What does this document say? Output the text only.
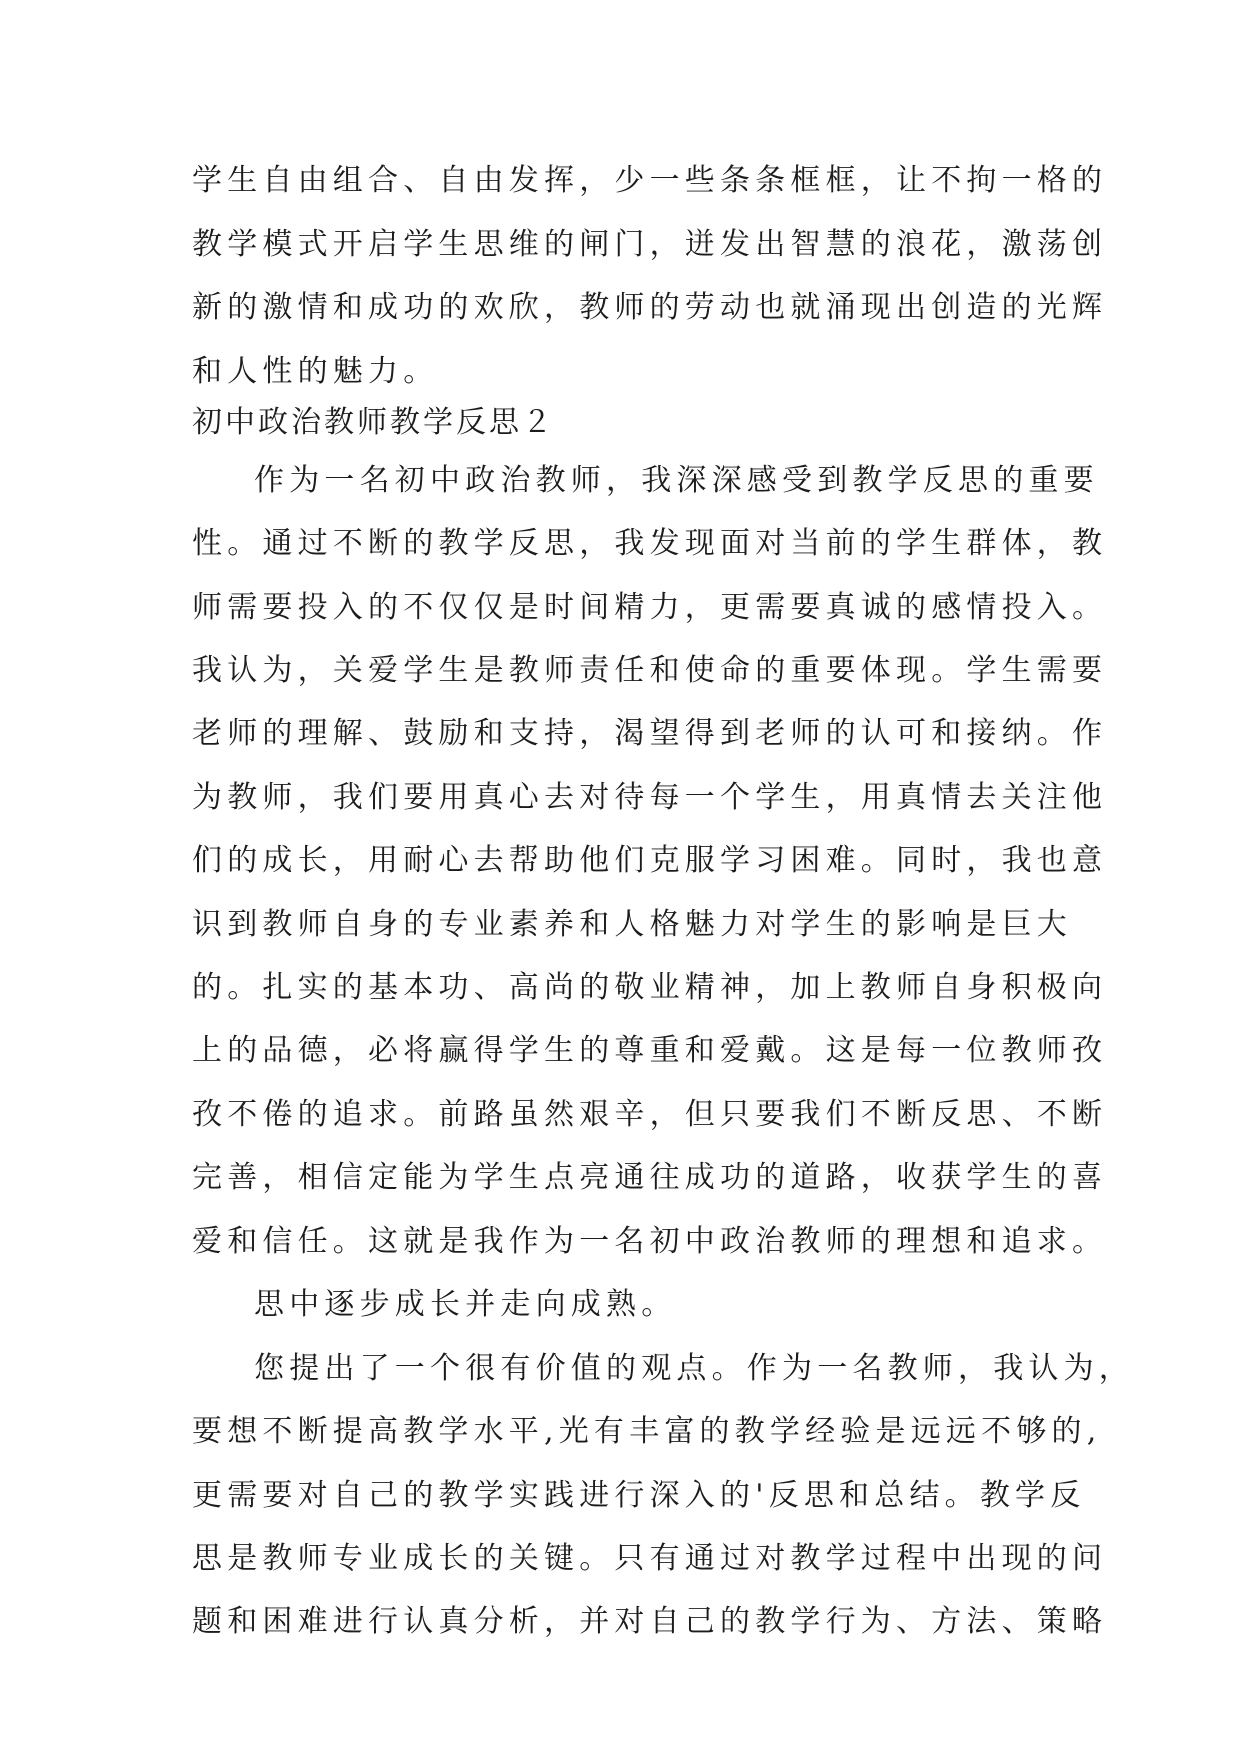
学生自由组合、自由发挥，少一些条条框框，让不拘一格的
教学模式开启学生思维的闸门，迸发出智慧的浪花，激荡创
新的激情和成功的欢欣，教师的劳动也就涌现出创造的光辉
和人性的魅力。
初中政治教师教学反思２
作为一名初中政治教师，我深深感受到教学反思的重要
性。通过不断的教学反思，我发现面对当前的学生群体，教
师需要投入的不仅仅是时间精力，更需要真诚的感情投入。
我认为，关爱学生是教师责任和使命的重要体现。学生需要
老师的理解、鼓励和支持，渴望得到老师的认可和接纳。作
为教师，我们要用真心去对待每一个学生，用真情去关注他
们的成长，用耐心去帮助他们克服学习困难。同时，我也意
识到教师自身的专业素养和人格魅力对学生的影响是巨大
的。扎实的基本功、高尚的敬业精神，加上教师自身积极向
上的品德，必将赢得学生的尊重和爱戴。这是每一位教师孜
孜不倦的追求。前路虽然艰辛，但只要我们不断反思、不断
完善，相信定能为学生点亮通往成功的道路，收获学生的喜
爱和信任。这就是我作为一名初中政治教师的理想和追求。
思中逐步成长并走向成熟。
您提出了一个很有价值的观点。作为一名教师，我认为，
要想不断提高教学水平,光有丰富的教学经验是远远不够的,
更需要对自己的教学实践进行深入的'反思和总结。教学反
思是教师专业成长的关键。只有通过对教学过程中出现的问
题和困难进行认真分析，并对自己的教学行为、方法、策略
